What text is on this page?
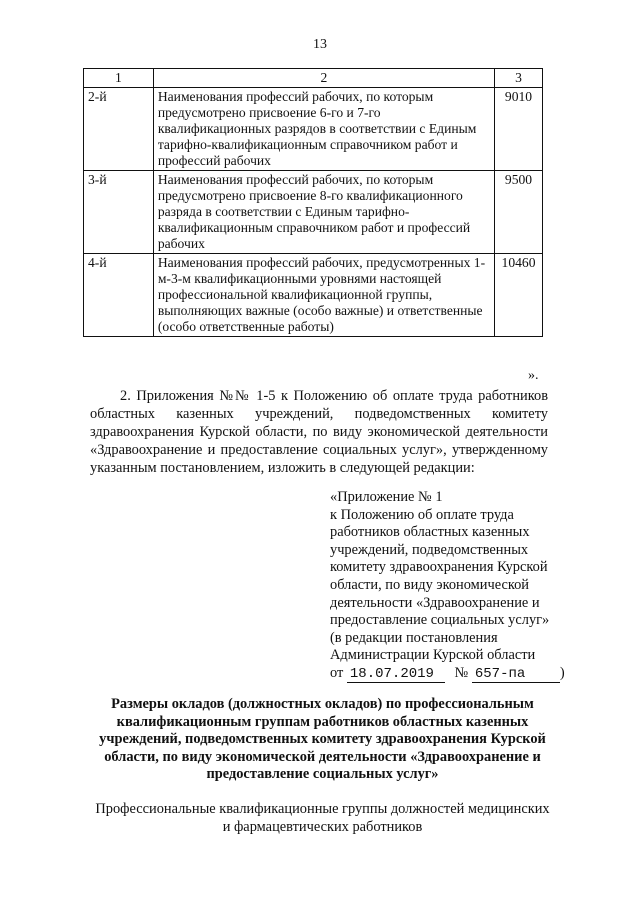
13
1	2	3
2-й	Наименования профессий рабочих, по которым предусмотрено присвоение 6-го и 7-го квалификационных разрядов в соответствии с Единым тарифно-квалификационным справочником работ и профессий рабочих	9010
3-й	Наименования профессий рабочих, по которым предусмотрено присвоение 8-го квалификационного разряда в соответствии с Единым тарифно-квалификационным справочником работ и профессий рабочих	9500
4-й	Наименования профессий рабочих, предусмотренных 1-м-3-м квалификационными уровнями настоящей профессиональной квалификационной группы, выполняющих важные (особо важные) и ответственные (особо ответственные работы)	10460
».
2. Приложения №№ 1-5 к Положению об оплате труда работников областных казенных учреждений, подведомственных комитету здравоохранения Курской области, по виду экономической деятельности «Здравоохранение и предоставление социальных услуг», утвержденному указанным постановлением, изложить в следующей редакции:
«Приложение № 1
к Положению об оплате труда
работников областных казенных
учреждений, подведомственных
комитету здравоохранения Курской
области, по виду экономической
деятельности «Здравоохранение и
предоставление социальных услуг»
(в редакции постановления
Администрации Курской области
от 18.07.2019 № 657-па )
Размеры окладов (должностных окладов) по профессиональным квалификационным группам работников областных казенных учреждений, подведомственных комитету здравоохранения Курской области, по виду экономической деятельности «Здравоохранение и предоставление социальных услуг»
Профессиональные квалификационные группы должностей медицинских и фармацевтических работников
